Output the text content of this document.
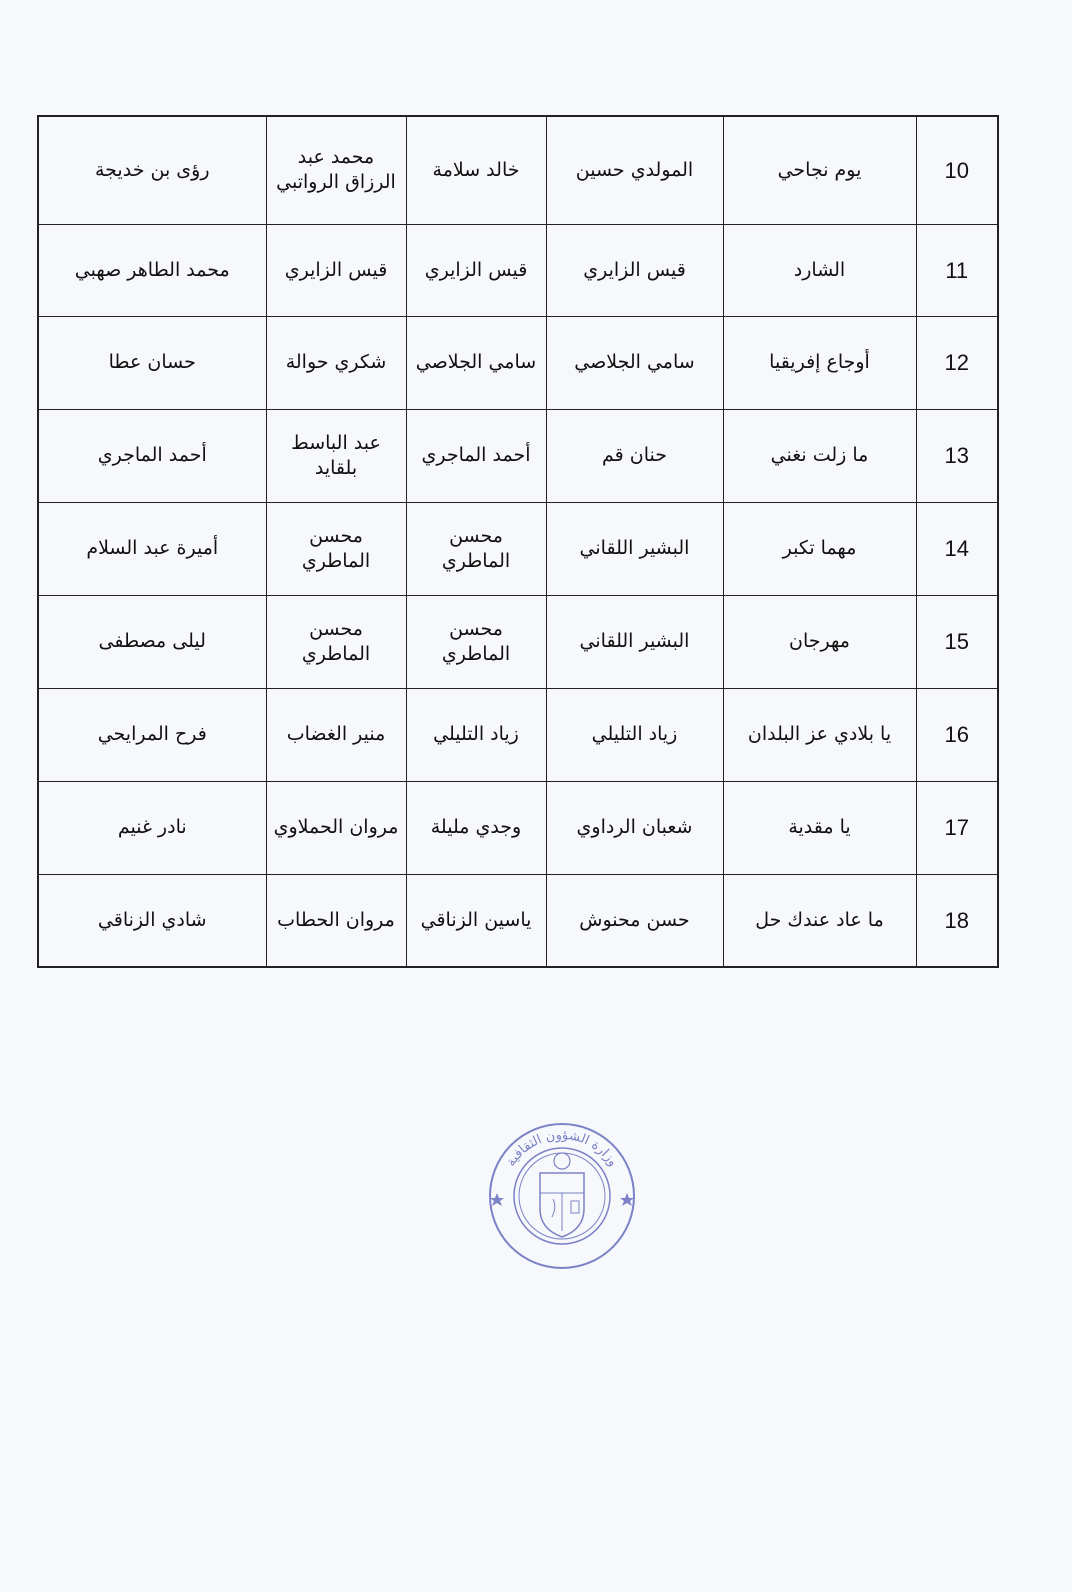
10	يوم نجاحي	المولدي حسين	خالد سلامة	محمد عبد الرزاق الرواتبي	رؤى بن خديجة
11	الشارد	قيس الزايري	قيس الزايري	قيس الزايري	محمد الطاهر صهبي
12	أوجاع إفريقيا	سامي الجلاصي	سامي الجلاصي	شكري حوالة	حسان عطا
13	ما زلت نغني	حنان قم	أحمد الماجري	عبد الباسط بلقايد	أحمد الماجري
14	مهما تكبر	البشير اللقاني	محسن الماطري	محسن الماطري	أميرة عبد السلام
15	مهرجان	البشير اللقاني	محسن الماطري	محسن الماطري	ليلى مصطفى
16	يا بلادي عز البلدان	زياد التليلي	زياد التليلي	منير الغضاب	فرح المرايحي
17	يا مقدية	شعبان الرداوي	وجدي مليلة	مروان الحملاوي	نادر غنيم
18	ما عاد عندك حل	حسن محنوش	ياسين الزناقي	مروان الحطاب	شادي الزناقي
وزارة الشؤون الثقافية
